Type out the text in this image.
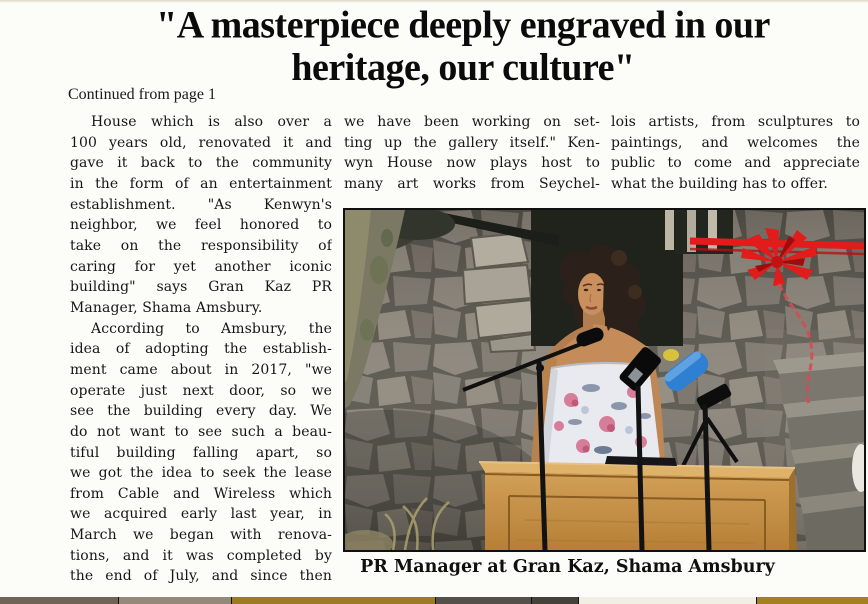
"A masterpiece deeply engraved in our
heritage, our culture"
Continued from page 1
House which is also over a
100 years old, renovated it and
gave it back to the community
in the form of an entertainment
establishment. "As Kenwyn's
neighbor, we feel honored to
take on the responsibility of
caring for yet another iconic
building" says Gran Kaz PR
Manager, Shama Amsbury.
According to Amsbury, the
idea of adopting the establish-
ment came about in 2017, "we
operate just next door, so we
see the building every day. We
do not want to see such a beau-
tiful building falling apart, so
we got the idea to seek the lease
from Cable and Wireless which
we acquired early last year, in
March we began with renova-
tions, and it was completed by
the end of July, and since then
we have been working on set-
ting up the gallery itself." Ken-
wyn House now plays host to
many art works from Seychel-
lois artists, from sculptures to
paintings, and welcomes the
public to come and appreciate
what the building has to offer.
PR Manager at Gran Kaz, Shama Amsbury
